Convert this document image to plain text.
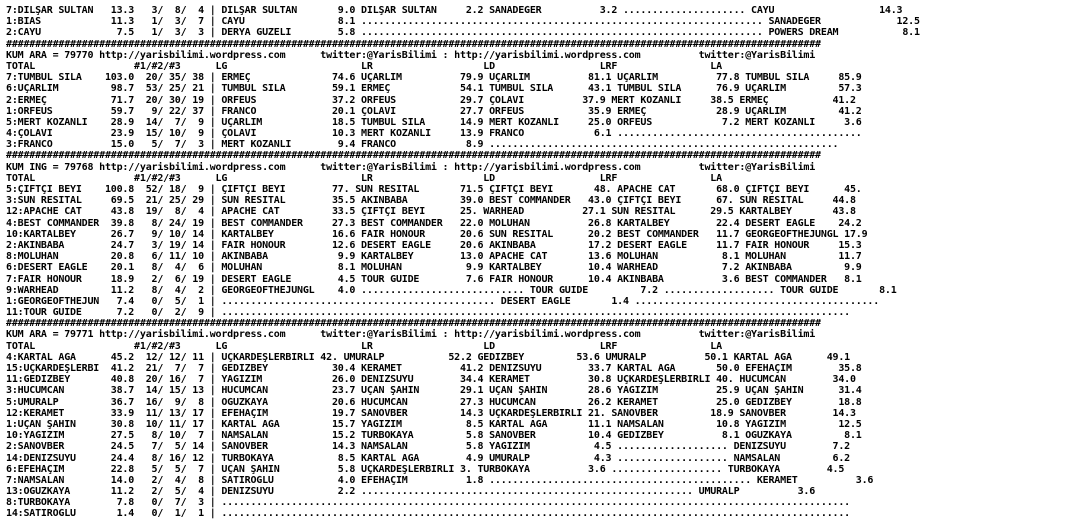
7:DİLŞAR SULTAN   13.3   3/  8/  4 | DİLŞAR SULTAN       9.0 DİLŞAR SULTAN     2.2 SANADEĞER          3.2 ..................... CAYU                  14.3
1:BIAS            11.3   1/  3/  7 | CAYU                8.1 ..................................................................... SANADEĞER             12.5
2:CAYU             7.5   1/  3/  3 | DERYA GÜZELİ        5.8 ..................................................................... POWERS DREAM           8.1
############################################################################################################################################
KUM ARA = 79770 http://yarisbilimi.wordpress.com      twitter:@YarisBilimi : http://yarisbilimi.wordpress.com          twitter:@YarisBilimi
TOTAL                 #1/#2/#3      LG                       LR                   LD                  LRF                LA
7:TUMBUL SILA    103.0  20/ 35/ 38 | ERMEÇ              74.6 UÇARLIM          79.9 UÇARLIM          81.1 UÇARLIM          77.8 TUMBUL SILA     85.9
6:UÇARLIM         98.7  53/ 25/ 21 | TUMBUL SILA        59.1 ERMEÇ            54.1 TUMBUL SILA      43.1 TUMBUL SILA      76.9 UÇARLIM         57.3
2:ERMEÇ           71.7  20/ 30/ 19 | ORFEUS             37.2 ORFEUS           29.7 ÇOLAVI          37.9 MERT KOZANLI     38.5 ERMEÇ           41.2
1:ORFEUS          59.7   9/ 22/ 37 | FRANCO             20.1 ÇOLAVI           27.7 ORFEUS           35.9 ERMEÇ            28.9 UÇARLIM         41.2
5:MERT KOZANLI    28.9  14/  7/  9 | UÇARLIM            18.5 TUMBUL SILA      14.9 MERT KOZANLI     25.0 ORFEUS            7.2 MERT KOZANLI     3.6
4:ÇOLAVI          23.9  15/ 10/  9 | ÇOLAVI             10.3 MERT KOZANLI     13.9 FRANCO            6.1 ..........................................
3:FRANCO          15.0   5/  7/  3 | MERT KOZANLI        9.4 FRANCO            8.9 ............................................................
############################################################################################################################################
KUM ING = 79768 http://yarisbilimi.wordpress.com      twitter:@YarisBilimi : http://yarisbilimi.wordpress.com          twitter:@YarisBilimi
TOTAL                 #1/#2/#3      LG                       LR                   LD                  LRF                LA
5:ÇİFTÇİ BEYİ    100.8  52/ 18/  9 | ÇİFTÇİ BEYİ        77. SUN RESITAL       71.5 ÇİFTÇİ BEYİ       48. APACHE CAT       68.0 ÇİFTÇİ BEYİ      45.
3:SUN RESITAL     69.5  21/ 25/ 29 | SUN RESITAL        35.5 AKINBABA         39.0 BEST COMMANDER   43.0 ÇİFTÇİ BEYİ      67. SUN RESITAL     44.8
12:APACHE CAT     43.8  19/  8/  4 | APACHE CAT         33.5 ÇİFTÇİ BEYİ      25. WARHEAD          27.1 SUN RESITAL      29.5 KARTALBEY       43.8
4:BEST COMMANDER  39.8   8/ 24/ 19 | BEST COMMANDER     27.3 BEST COMMANDER   22.0 MOLUHAN          26.8 KARTALBEY        22.4 DESERT EAGLE    24.2
10:KARTALBEY      26.7   9/ 10/ 14 | KARTALBEY          16.6 FAIR HONOUR      20.6 SUN RESITAL      20.2 BEST COMMANDER   11.7 GEORGEOFTHEJUNGL 17.9
2:AKINBABA        24.7   3/ 19/ 14 | FAIR HONOUR        12.6 DESERT EAGLE     20.6 AKINBABA         17.2 DESERT EAGLE     11.7 FAIR HONOUR     15.3
8:MOLUHAN         20.8   6/ 11/ 10 | AKINBABA            9.9 KARTALBEY        13.0 APACHE CAT       13.6 MOLUHAN           8.1 MOLUHAN         11.7
6:DESERT EAGLE    20.1   8/  4/  6 | MOLUHAN             8.1 MOLUHAN           9.9 KARTALBEY        10.4 WARHEAD           7.2 AKINBABA         9.9
7:FAIR HONOUR     18.9   2/  6/ 19 | DESERT EAGLE        4.5 TOUR GUIDE        7.6 FAIR HONOUR      10.4 AKINBABA          3.6 BEST COMMANDER   8.1
9:WARHEAD         11.2   8/  4/  2 | GEORGEOFTHEJUNGL    4.0 ............................ TOUR GUIDE         7.2 ................... TOUR GUIDE       8.1
1:GEORGEOFTHEJUN   7.4   0/  5/  1 | ............................................... DESERT EAGLE       1.4 ..........................................
11:TOUR GUIDE      7.2   0/  2/  9 | ............................................................................................................
############################################################################################################################################
KUM ARA = 79771 http://yarisbilimi.wordpress.com      twitter:@YarisBilimi : http://yarisbilimi.wordpress.com          twitter:@YarisBilimi
TOTAL                 #1/#2/#3      LG                       LR                   LD                  LRF                LA
4:KARTAL AĞA      45.2  12/ 12/ 11 | ÜÇKARDEŞLERBİRLİ 42. UMURALP           52.2 GEDİZBEY         53.6 UMURALP          50.1 KARTAL AĞA      49.1
15:ÜÇKARDEŞLERBİ  41.2  21/  7/  7 | GEDİZBEY           30.4 KERAMET          41.2 DENİZSUYU        33.7 KARTAL AĞA       50.0 EFEHAÇIM        35.8
11:GEDİZBEY       40.8  20/ 16/  7 | YAĞIZIM            26.0 DENİZSUYU        34.4 KERAMET          30.8 ÜÇKARDEŞLERBİRLİ 40. HÜCUMCAN        34.0
3:HÜCUMCAN        38.7  14/ 15/ 13 | HÜCUMCAN           23.7 UÇAN ŞAHİN       29.1 UÇAN ŞAHİN       28.6 YAĞIZIM          25.9 UÇAN ŞAHİN      31.4
5:UMURALP         36.7  16/  9/  8 | OĞUZKAYA           20.6 HÜCUMCAN         27.3 HÜCUMCAN         26.2 KERAMET          25.0 GEDİZBEY        18.8
12:KERAMET        33.9  11/ 13/ 17 | EFEHAÇIM           19.7 SANOVBER         14.3 ÜÇKARDEŞLERBİRLİ 21. SANOVBER         18.9 SANOVBER        14.3
1:UÇAN ŞAHİN      30.8  10/ 11/ 17 | KARTAL AĞA         15.7 YAĞIZIM           8.5 KARTAL AĞA       11.1 NAMSALAN         10.8 YAĞIZIM         12.5
10:YAĞIZIM        27.5   8/ 10/  7 | NAMSALAN           15.2 TURBOKAYA         5.8 SANOVBER         10.4 GEDİZBEY          8.1 OĞUZKAYA         8.1
2:SANOVBER        24.5   7/  5/ 14 | SANOVBER           14.3 NAMSALAN          5.8 YAĞIZIM           4.5 ................... DENİZSUYU        7.2
14:DENİZSUYU      24.4   8/ 16/ 12 | TURBOKAYA           8.5 KARTAL AĞA        4.9 UMURALP           4.3 ................... NAMSALAN         6.2
6:EFEHAÇIM        22.8   5/  5/  7 | UÇAN ŞAHİN          5.8 ÜÇKARDEŞLERBİRLİ 3. TURBOKAYA          3.6 ................... TURBOKAYA        4.5
7:NAMSALAN        14.0   2/  4/  8 | SATIROĞLU           4.0 EFEHAÇIM          1.8 ............................................. KERAMET          3.6
13:OĞUZKAYA       11.2   2/  5/  4 | DENİZSUYU           2.2 ......................................................... UMURALP          3.6
8:TURBOKAYA        7.8   0/  7/  3 | ............................................................................................................
14:SATIROĞLU       1.4   0/  1/  1 | ............................................................................................................
